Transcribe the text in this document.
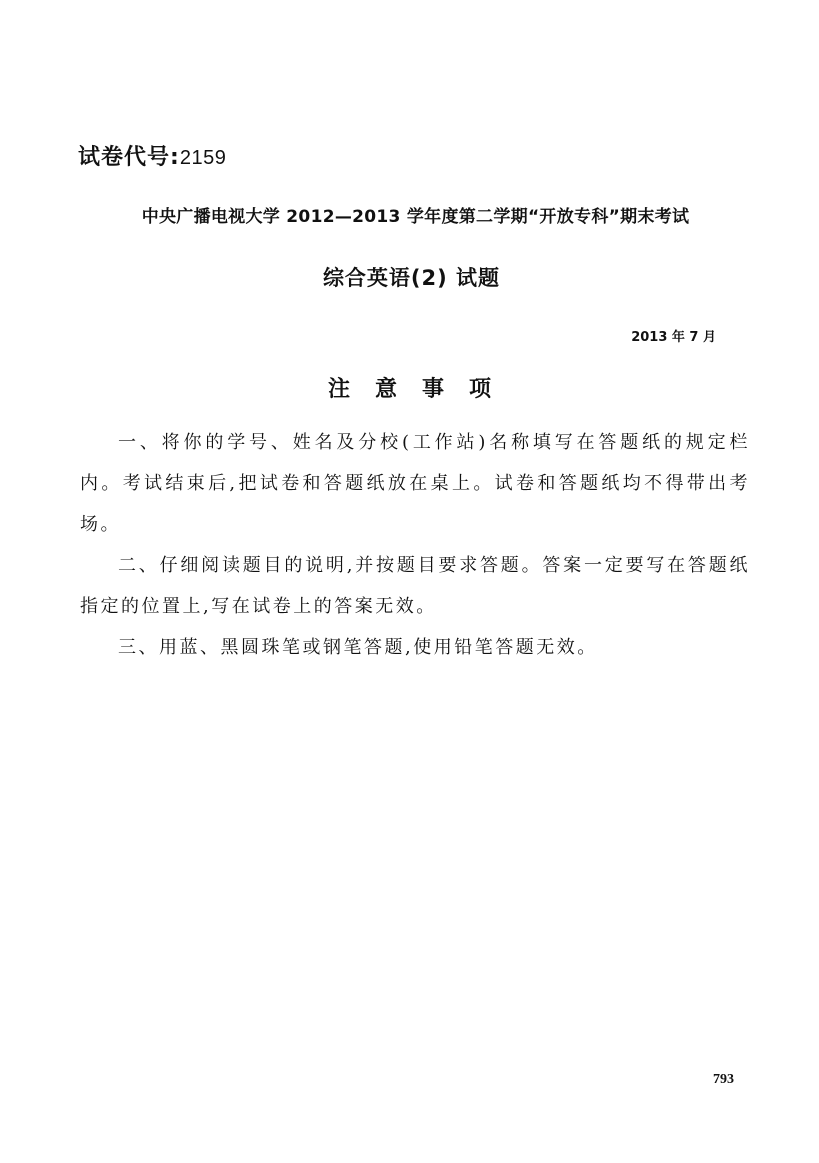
试卷代号:2159
中央广播电视大学 2012—2013 学年度第二学期“开放专科”期末考试
综合英语(2) 试题
2013 年 7 月
注意事项

一、将你的学号、姓名及分校(工作站)名称填写在答题纸的规定栏内。考试结束后,把试卷和答题纸放在桌上。试卷和答题纸均不得带出考场。

二、仔细阅读题目的说明,并按题目要求答题。答案一定要写在答题纸指定的位置上,写在试卷上的答案无效。

三、用蓝、黑圆珠笔或钢笔答题,使用铅笔答题无效。

793
